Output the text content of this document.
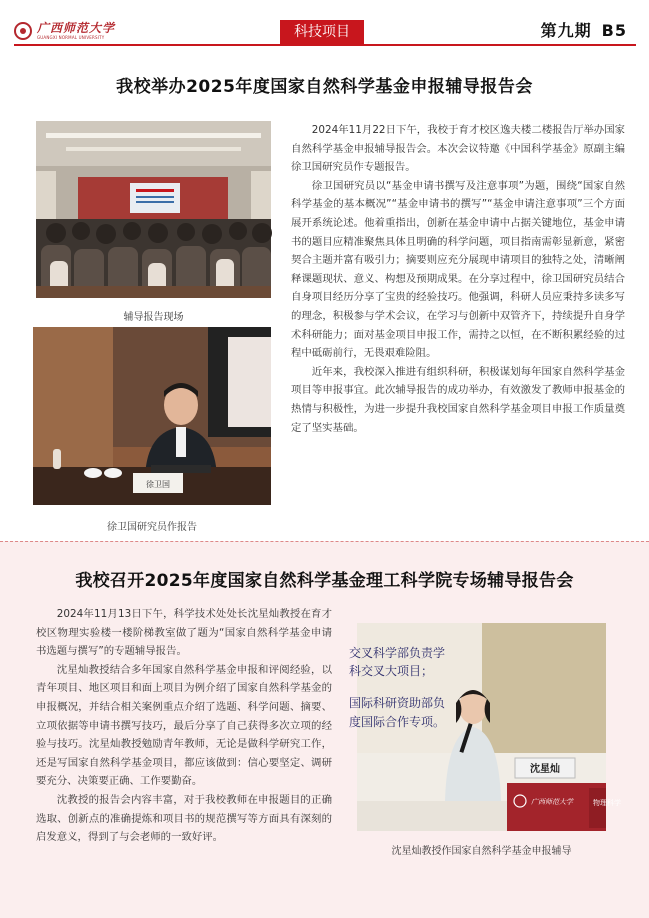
广西师范大学
GUANGXI NORMAL UNIVERSITY	科技项目	第九期 B5
我校举办2025年度国家自然科学基金申报辅导报告会
辅导报告现场
徐卫国
徐卫国研究员作报告

2024年11月22日下午，我校于育才校区逸夫楼二楼报告厅举办国家自然科学基金申报辅导报告会。本次会议特邀《中国科学基金》原副主编徐卫国研究员作专题报告。

徐卫国研究员以“基金申请书撰写及注意事项”为题，围绕“国家自然科学基金的基本概况”“基金申请书的撰写”“基金申请注意事项”三个方面展开系统论述。他着重指出，创新在基金申请中占据关键地位，基金申请书的题目应精准聚焦具体且明确的科学问题，项目指南需彰显新意，紧密契合主题并富有吸引力；摘要则应充分展现申请项目的独特之处，清晰阐释课题现状、意义、构想及预期成果。在分享过程中，徐卫国研究员结合自身项目经历分享了宝贵的经验技巧。他强调，科研人员应秉持多读多写的理念，积极参与学术会议，在学习与创新中双管齐下，持续提升自身学术科研能力；面对基金项目申报工作，需持之以恒，在不断积累经验的过程中砥砺前行，无畏艰难险阻。

近年来，我校深入推进有组织科研，积极谋划每年国家自然科学基金项目等申报事宜。此次辅导报告的成功举办，有效激发了教师申报基金的热情与积极性，为进一步提升我校国家自然科学基金项目申报工作质量奠定了坚实基础。

我校召开2025年度国家自然科学基金理工科学院专场辅导报告会

2024年11月13日下午，科学技术处处长沈星灿教授在育才校区物理实验楼一楼阶梯教室做了题为“国家自然科学基金申请书选题与撰写”的专题辅导报告。

沈星灿教授结合多年国家自然科学基金申报和评阅经验，以青年项目、地区项目和面上项目为例介绍了国家自然科学基金的申报概况，并结合相关案例重点介绍了选题、科学问题、摘要、立项依据等申请书撰写技巧，最后分享了自己获得多次立项的经验与技巧。沈星灿教授勉励青年教师，无论是做科学研究工作，还是写国家自然科学基金项目，都应该做到：信心要坚定、调研要充分、决策要正确、工作要勤奋。

沈教授的报告会内容丰富，对于我校教师在申报题目的正确选取、创新点的准确提炼和项目书的规范撰写等方面具有深刻的启发意义，得到了与会老师的一致好评。

交叉科学部负责学
科交叉大项目；
国际科研资助部负
度国际合作专项。
沈星灿
广西师范大学	物理科学
沈星灿教授作国家自然科学基金申报辅导
